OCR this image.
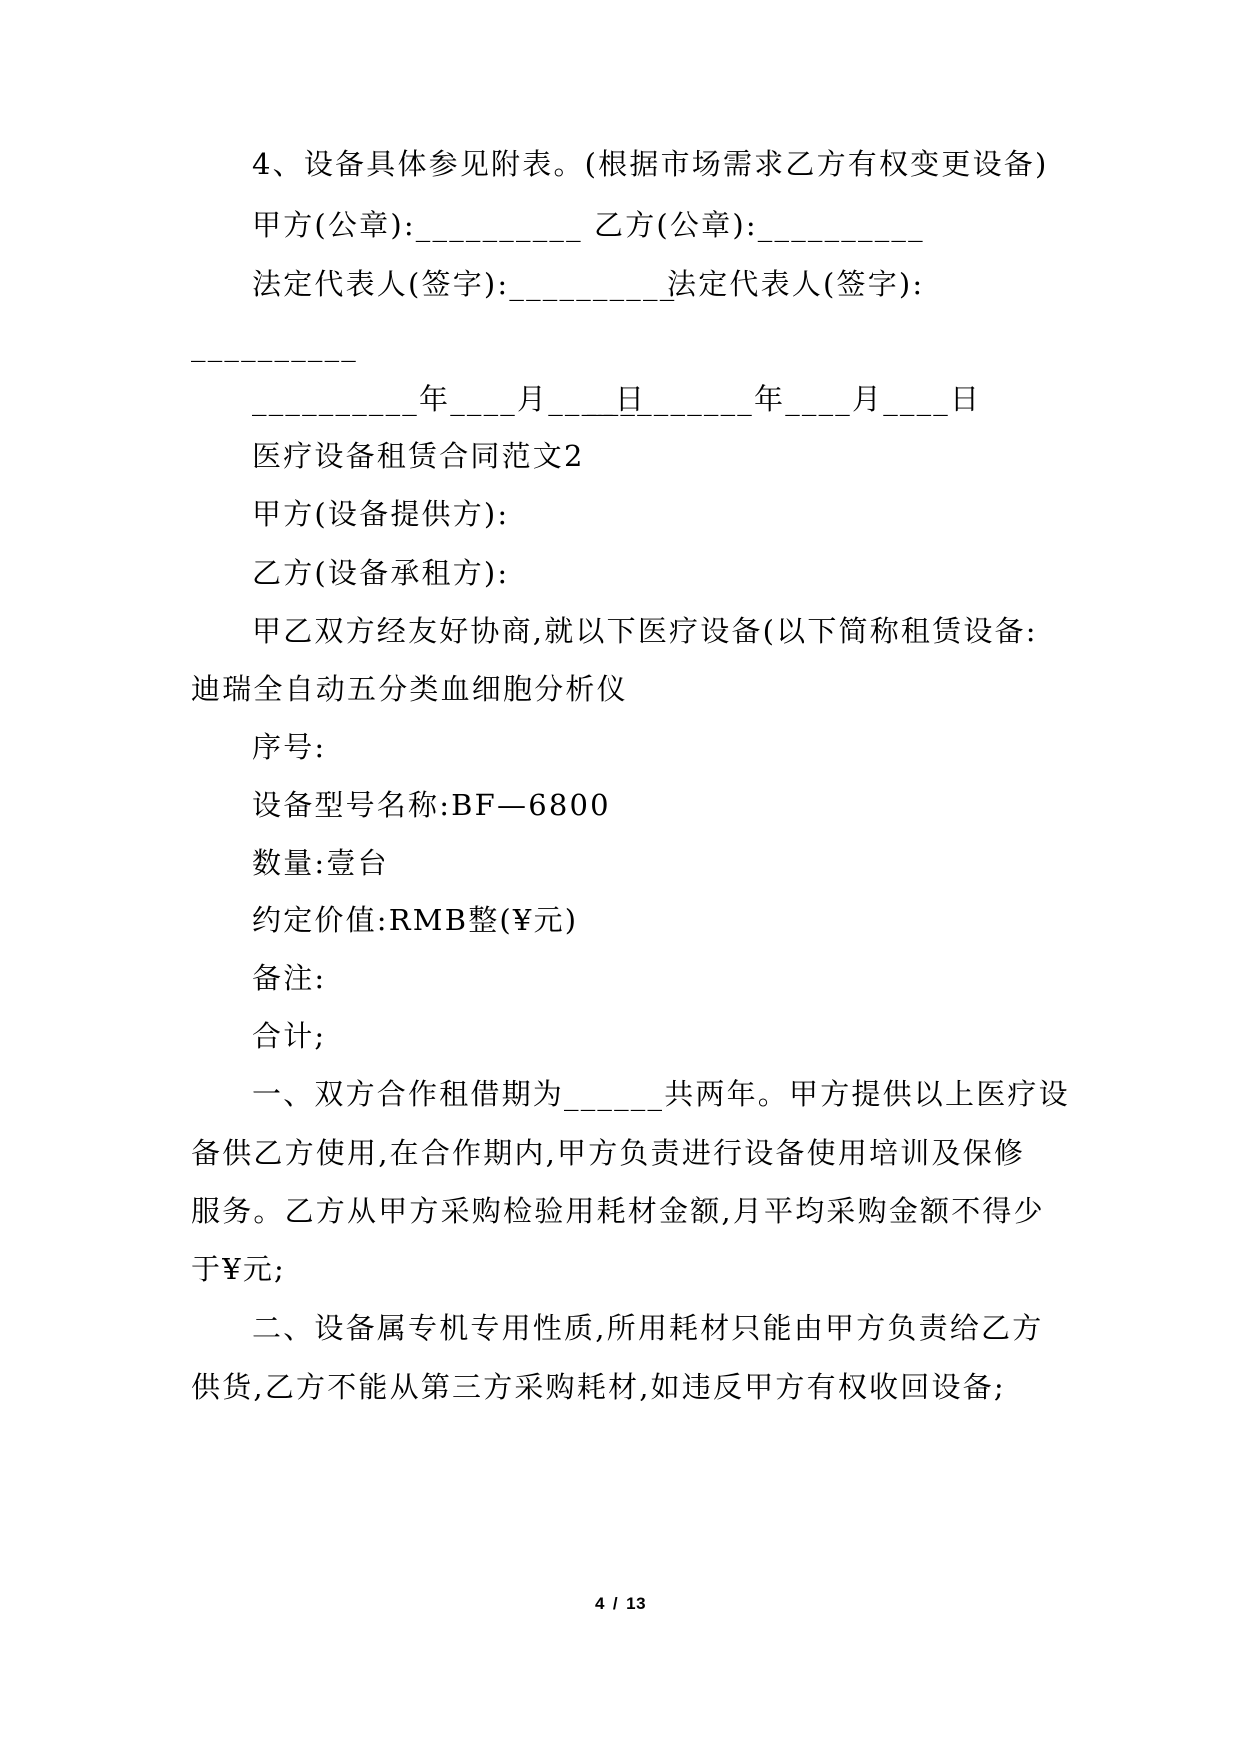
4、设备具体参见附表。(根据市场需求乙方有权变更设备)
甲方(公章):__________ 乙方(公章):__________
法定代表人(签字):__________
法定代表人(签字):
__________
__________年____月____日
__________年____月____日
医疗设备租赁合同范文2
甲方(设备提供方):
乙方(设备承租方):
甲乙双方经友好协商,就以下医疗设备(以下简称租赁设备:
迪瑞全自动五分类血细胞分析仪
序号:
设备型号名称:BF—6800
数量:壹台
约定价值:RMB整(¥元)
备注:
合计;
一、双方合作租借期为______共两年。甲方提供以上医疗设
备供乙方使用,在合作期内,甲方负责进行设备使用培训及保修
服务。乙方从甲方采购检验用耗材金额,月平均采购金额不得少
于¥元;
二、设备属专机专用性质,所用耗材只能由甲方负责给乙方
供货,乙方不能从第三方采购耗材,如违反甲方有权收回设备;
4 / 13
